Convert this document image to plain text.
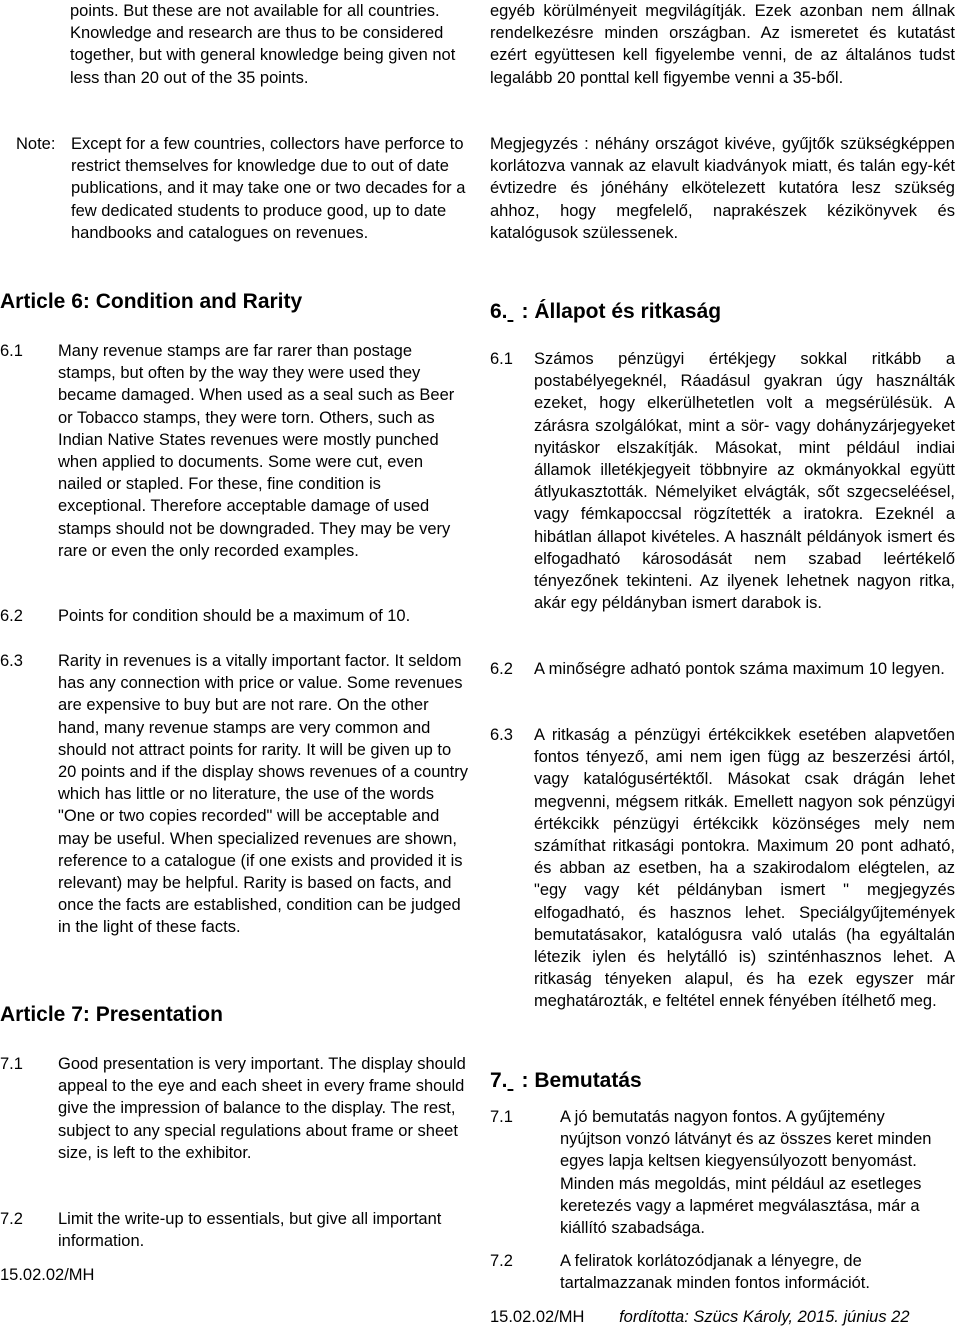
points. But these are not available for all countries. Knowledge and research are thus to be considered together, but with general knowledge being given not less than 20 out of the 35 points.

Note: Except for a few countries, collectors have perforce to restrict themselves for knowledge due to out of date publications, and it may take one or two decades for a few dedicated students to produce good, up to date handbooks and catalogues on revenues.

Article 6: Condition and Rarity
6.1 Many revenue stamps are far rarer than postage stamps, but often by the way they were used they became damaged. When used as a seal such as Beer or Tobacco stamps, they were torn. Others, such as Indian Native States revenues were mostly punched when applied to documents. Some were cut, even nailed or stapled. For these, fine condition is exceptional. Therefore acceptable damage of used stamps should not be downgraded. They may be very rare or even the only recorded examples.
6.2 Points for condition should be a maximum of 10.
6.3 Rarity in revenues is a vitally important factor. It seldom has any connection with price or value. Some revenues are expensive to buy but are not rare. On the other hand, many revenue stamps are very common and should not attract points for rarity. It will be given up to 20 points and if the display shows revenues of a country which has little or no literature, the use of the words "One or two copies recorded" will be acceptable and may be useful. When specialized revenues are shown, reference to a catalogue (if one exists and provided it is relevant) may be helpful. Rarity is based on facts, and once the facts are established, condition can be judged in the light of these facts.
Article 7: Presentation
7.1 Good presentation is very important. The display should appeal to the eye and each sheet in every frame should give the impression of balance to the display. The rest, subject to any special regulations about frame or sheet size, is left to the exhibitor.
7.2 Limit the write-up to essentials, but give all important information.

15.02.02/MH

egyéb körülményeit megvilágítják. Ezek azonban nem állnak rendelkezésre minden országban. Az ismeretet és kutatást ezért együttesen kell figyelembe venni, de az általános tudst legalább 20 ponttal kell figyembe venni a 35-ből.

Megjegyzés : néhány országot kivéve, gyűjtők szükségképpen korlátozva vannak az elavult kiadványok miatt, és talán egy-két évtizedre és jónéhány elkötelezett kutatóra lesz szükség ahhoz, hogy megfelelő, naprakészek kézikönyvek és katalógusok szülessenek.

6. : Állapot és ritkaság
6.1 Számos pénzügyi értékjegy sokkal ritkább a postabélyegeknél, Ráadásul gyakran úgy használták ezeket, hogy elkerülhetetlen volt a megsérülésük. A zárásra szolgálókat, mint a sör- vagy dohányzárjegyeket nyitáskor elszakítják. Másokat, mint például indiai államok illetékjegyeit többnyire az okmányokkal együtt átlyukasztották. Némelyiket elvágták, sőt szgecseléésel, vagy fémkapoccsal rögzítették a iratokra. Ezeknél a hibátlan állapot kivételes. A használt példányok ismert és elfogadható károsodását nem szabad leértékelő tényezőnek tekinteni. Az ilyenek lehetnek nagyon ritka, akár egy példányban ismert darabok is.
6.2 A minőségre adható pontok száma maximum 10 legyen.
6.3 A ritkaság a pénzügyi értékcikkek esetében alapvetően fontos tényező, ami nem igen függ az beszerzési ártól, vagy katalógusértéktől. Másokat csak drágán lehet megvenni, mégsem ritkák. Emellett nagyon sok pénzügyi értékcikk pénzügyi értékcikk közönséges mely nem számíthat ritkasági pontokra. Maximum 20 pont adható, és abban az esetben, ha a szakirodalom elégtelen, az "egy vagy két példányban ismert " megjegyzés elfogadható, és hasznos lehet. Speciálgyűjtemények bemutatásakor, katalógusra való utalás (ha egyáltalán létezik iylen és helytálló is) szinténhasznos lehet. A ritkaság tényeken alapul, és ha ezek egyszer már meghatározták, e feltétel ennek fényében ítélhető meg.
7. : Bemutatás
7.1	A jó bemutatás nagyon fontos. A gyűjtemény nyújtson vonzó látványt és az összes keret minden egyes lapja keltsen kiegyensúlyozott benyomást. Minden más megoldás, mint például az esetleges keretezés vagy a lapméret megválasztása, már a kiállító szabadsága.
7.2	A feliratok korlátozódjanak a lényegre, de tartalmazzanak minden fontos információt.

15.02.02/MH fordította: Szücs Károly, 2015. június 22
